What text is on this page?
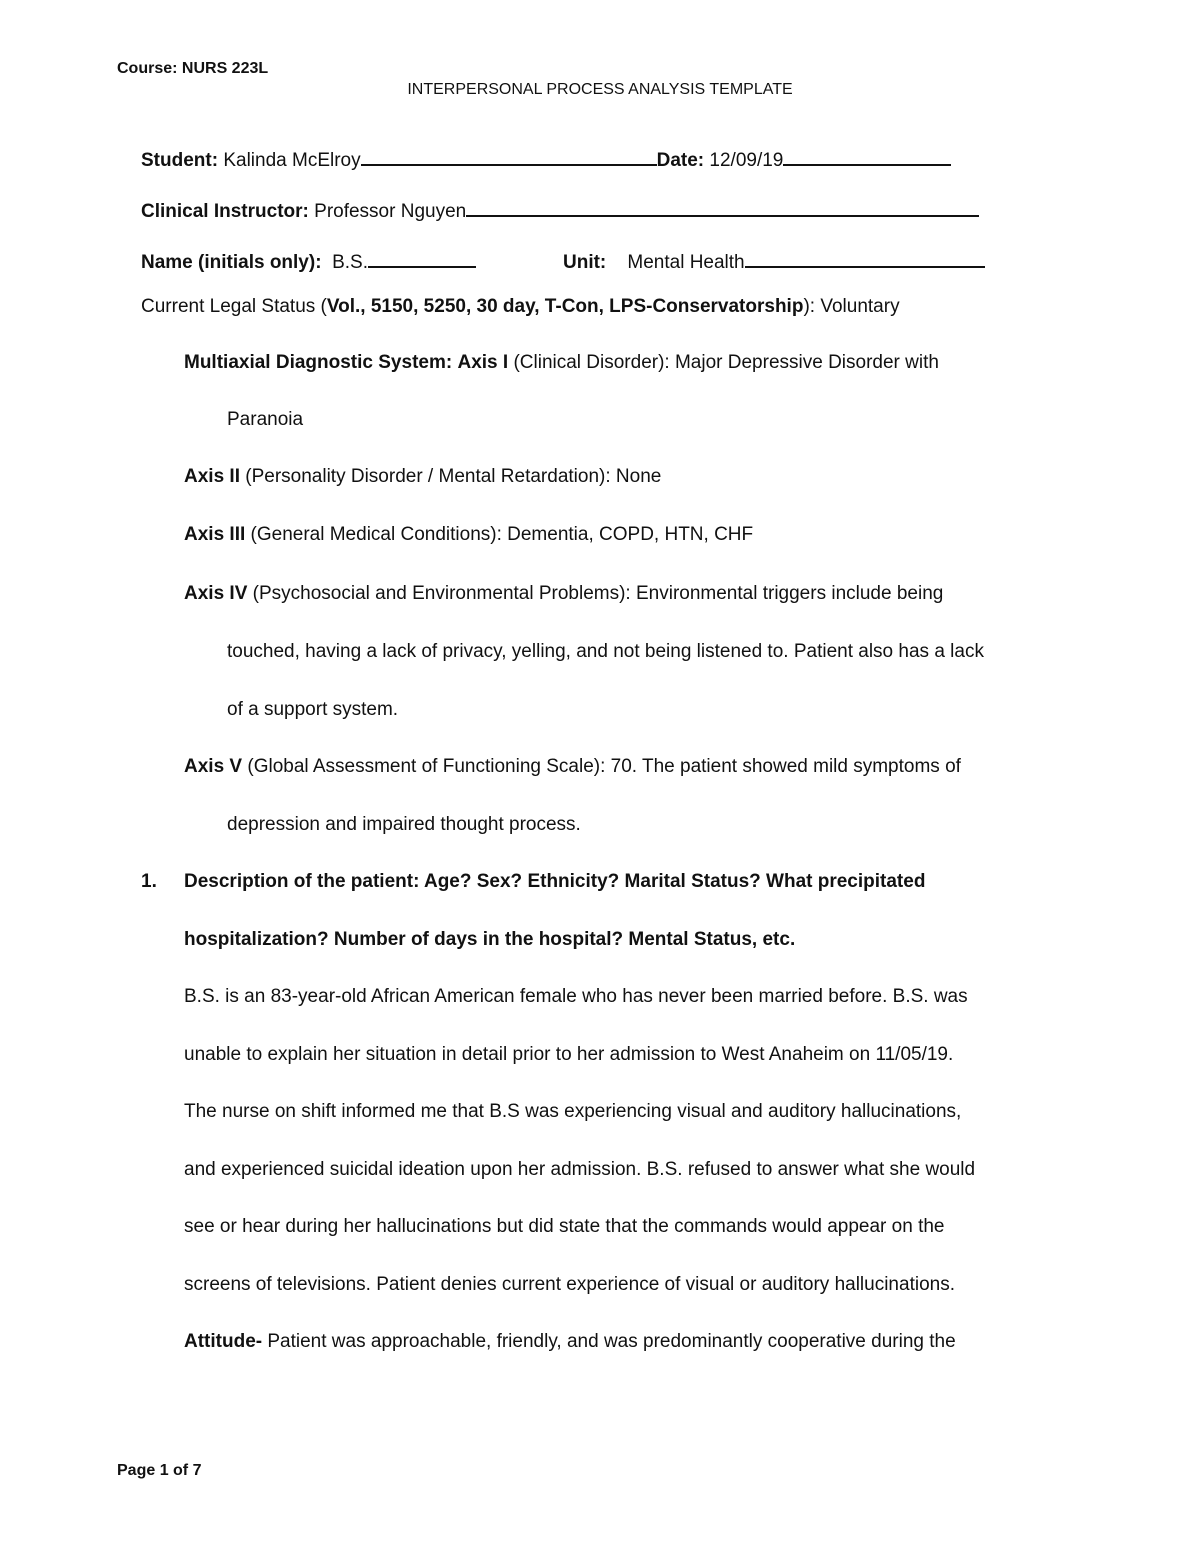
Course: NURS 223L
INTERPERSONAL PROCESS ANALYSIS TEMPLATE
Student: Kalinda McElroy	Date: 12/09/19
Clinical Instructor: Professor Nguyen
Name (initials only): B.S.	Unit: Mental Health
Current Legal Status (Vol., 5150, 5250, 30 day, T-Con, LPS-Conservatorship): Voluntary
Multiaxial Diagnostic System: Axis I (Clinical Disorder): Major Depressive Disorder with
Paranoia
Axis II (Personality Disorder / Mental Retardation): None
Axis III (General Medical Conditions): Dementia, COPD, HTN, CHF
Axis IV (Psychosocial and Environmental Problems): Environmental triggers include being
touched, having a lack of privacy, yelling, and not being listened to. Patient also has a lack
of a support system.
Axis V (Global Assessment of Functioning Scale): 70. The patient showed mild symptoms of
depression and impaired thought process.
1. Description of the patient: Age? Sex? Ethnicity? Marital Status? What precipitated
hospitalization? Number of days in the hospital? Mental Status, etc.
B.S. is an 83-year-old African American female who has never been married before. B.S. was
unable to explain her situation in detail prior to her admission to West Anaheim on 11/05/19.
The nurse on shift informed me that B.S was experiencing visual and auditory hallucinations,
and experienced suicidal ideation upon her admission. B.S. refused to answer what she would
see or hear during her hallucinations but did state that the commands would appear on the
screens of televisions. Patient denies current experience of visual or auditory hallucinations.
Attitude- Patient was approachable, friendly, and was predominantly cooperative during the
Page 1 of 7
